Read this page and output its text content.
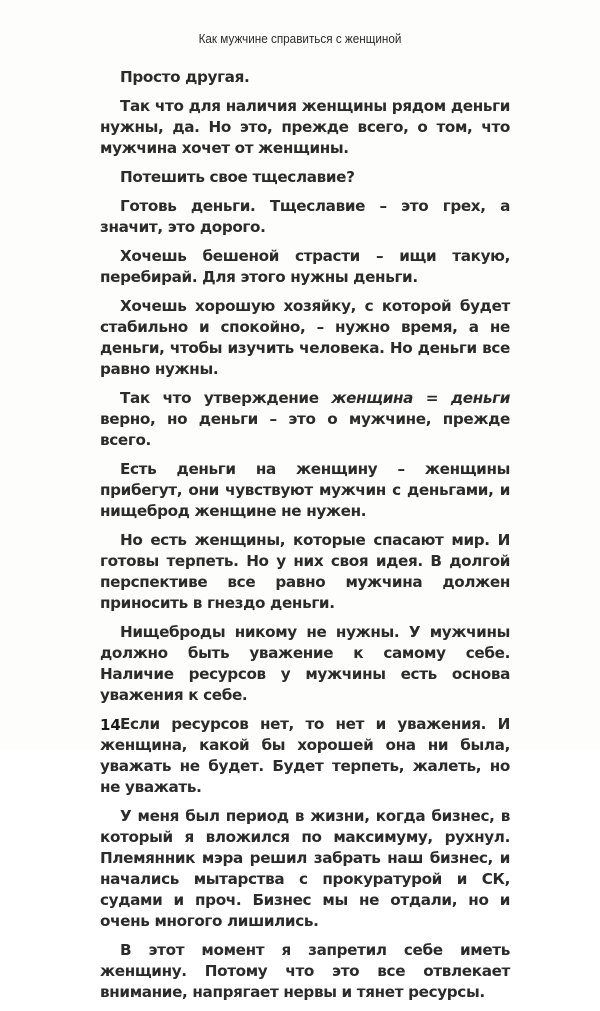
Как мужчине справиться с женщиной

Просто другая.

Так что для наличия женщины рядом деньги нужны, да. Но это, прежде всего, о том, что мужчина хочет от женщины.

Потешить свое тщеславие?

Готовь деньги. Тщеславие – это грех, а значит, это дорого.

Хочешь бешеной страсти – ищи такую, перебирай. Для этого нужны деньги.

Хочешь хорошую хозяйку, с которой будет стабильно и спокойно, – нужно время, а не деньги, чтобы изучить человека. Но деньги все равно нужны.

Так что утверждение женщина = деньги верно, но деньги – это о мужчине, прежде всего.

Есть деньги на женщину – женщины прибегут, они чувствуют мужчин с деньгами, и нищеброд женщине не нужен.

Но есть женщины, которые спасают мир. И готовы терпеть. Но у них своя идея. В долгой перспективе все равно мужчина должен приносить в гнездо деньги.

Нищеброды никому не нужны. У мужчины должно быть уважение к самому себе. Наличие ресурсов у мужчины есть основа уважения к себе.

Если ресурсов нет, то нет и уважения. И женщина, какой бы хорошей она ни была, уважать не будет. Будет терпеть, жалеть, но не уважать.

У меня был период в жизни, когда бизнес, в который я вложился по максимуму, рухнул. Племянник мэра решил забрать наш бизнес, и начались мытарства с прокуратурой и СК, судами и проч. Бизнес мы не отдали, но и очень многого лишились.

В этот момент я запретил себе иметь женщину. Потому что это все отвлекает внимание, напрягает нервы и тянет ресурсы.

14
